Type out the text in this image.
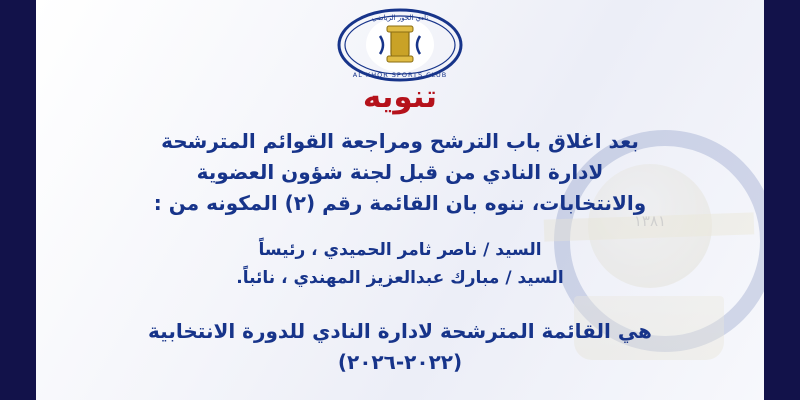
١٣٨١
نادي الخور الرياضي
AL KHOR SPORTS CLUB
تنويه
بعد اغلاق باب الترشح ومراجعة القوائم المترشحة
لادارة النادي من قبل لجنة شؤون العضوية
والانتخابات، ننوه بان القائمة رقم (٢) المكونه من :
السيد / ناصر ثامر الحميدي ، رئيساً
السيد / مبارك عبدالعزيز المهندي ، نائباً.
هي القائمة المترشحة لادارة النادي للدورة الانتخابية
(٢٠٢٢-٢٠٢٦)
